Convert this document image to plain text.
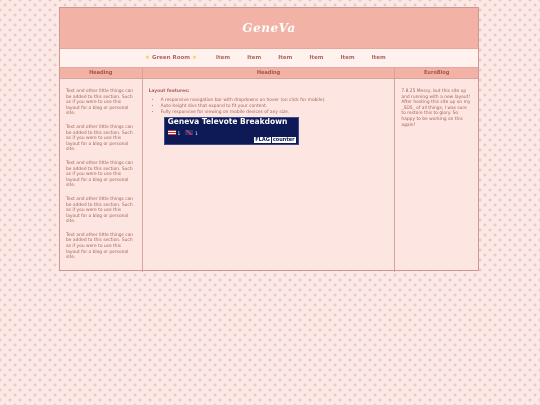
GeneVa
★ Green Room ★	Item	Item	Item	Item	Item	Item
Heading

Text and other little things can be added to this section. Such as if you were to use this layout for a blog or personal site.

Text and other little things can be added to this section. Such as if you were to use this layout for a blog or personal site.

Text and other little things can be added to this section. Such as if you were to use this layout for a blog or personal site.

Text and other little things can be added to this section. Such as if you were to use this layout for a blog or personal site.

Text and other little things can be added to this section. Such as if you were to use this layout for a blog or personal site.

Heading
Layout features:
• A responsive navigation bar with dropdowns on hover (on click for mobile).
• Auto-height divs that expand to fit your content.
• Fully responsive for viewing on mobile devices of any size.
Geneva Televote Breakdown
1	1
FLAG counter
EuroBlog
7.8.25 Messy, but this site up and running with a new layout! After hosting this site up on my _SDS_ of all things, I was sure to restore this to glory. So happy to be working on this again!
